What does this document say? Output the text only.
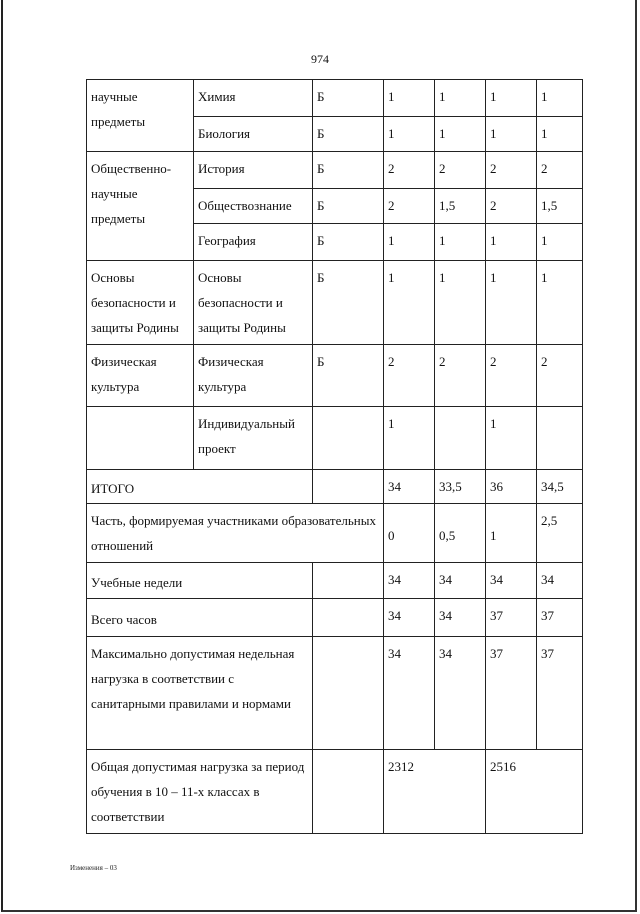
974
научные предметы	Химия	Б	1	1	1	1
	Биология	Б	1	1	1	1
Общественно-научные предметы	История	Б	2	2	2	2
	Обществознание	Б	2	1,5	2	1,5
	География	Б	1	1	1	1
Основы безопасности и защиты Родины	Основы безопасности и защиты Родины	Б	1	1	1	1
Физическая культура	Физическая культура	Б	2	2	2	2
	Индивидуальный проект		1		1	
ИТОГО			34	33,5	36	34,5
Часть, формируемая участниками образовательных отношений			0	0,5	1	2,5
Учебные недели			34	34	34	34
Всего часов			34	34	37	37
Максимально допустимая недельная нагрузка в соответствии с санитарными правилами и нормами			34	34	37	37
Общая допустимая нагрузка за период обучения в 10 – 11-х классах в соответствии			2312		2516	
Изменения – 03
